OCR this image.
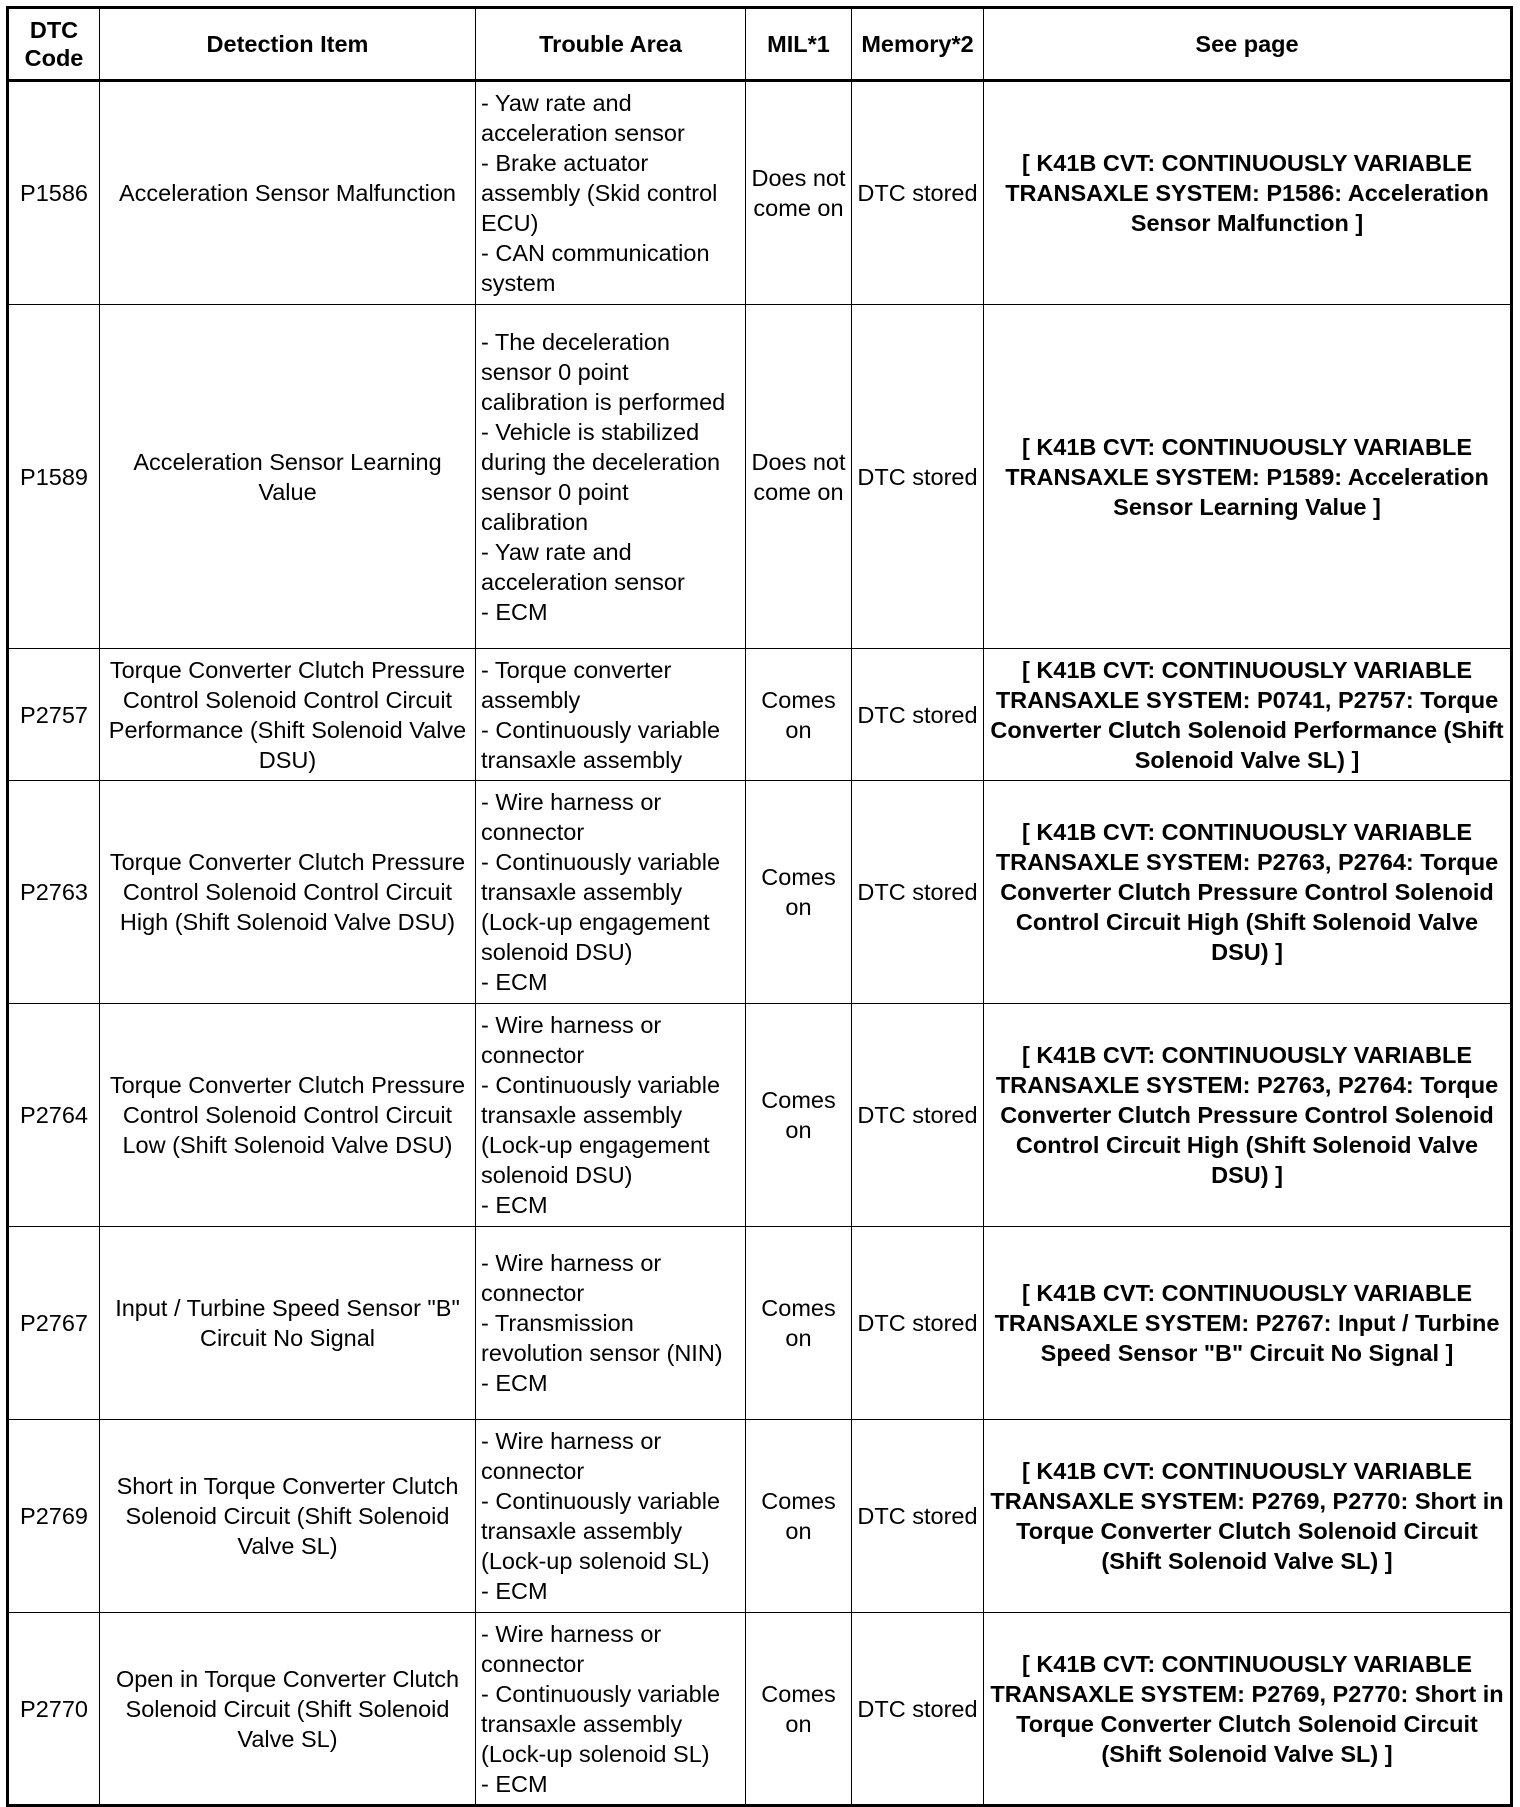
DTC Code	Detection Item	Trouble Area	MIL*1	Memory*2	See page
P1586	Acceleration Sensor Malfunction	- Yaw rate and acceleration sensor
- Brake actuator assembly (Skid control ECU)
- CAN communication system	Does not come on	DTC stored	[ K41B CVT: CONTINUOUSLY VARIABLE TRANSAXLE SYSTEM: P1586: Acceleration Sensor Malfunction ]
P1589	Acceleration Sensor Learning Value	- The deceleration sensor 0 point calibration is performed
- Vehicle is stabilized during the deceleration sensor 0 point calibration
- Yaw rate and acceleration sensor
- ECM	Does not come on	DTC stored	[ K41B CVT: CONTINUOUSLY VARIABLE TRANSAXLE SYSTEM: P1589: Acceleration Sensor Learning Value ]
P2757	Torque Converter Clutch Pressure Control Solenoid Control Circuit Performance (Shift Solenoid Valve DSU)	- Torque converter assembly
- Continuously variable transaxle assembly	Comes on	DTC stored	[ K41B CVT: CONTINUOUSLY VARIABLE TRANSAXLE SYSTEM: P0741, P2757: Torque Converter Clutch Solenoid Performance (Shift Solenoid Valve SL) ]
P2763	Torque Converter Clutch Pressure Control Solenoid Control Circuit High (Shift Solenoid Valve DSU)	- Wire harness or connector
- Continuously variable transaxle assembly (Lock-up engagement solenoid DSU)
- ECM	Comes on	DTC stored	[ K41B CVT: CONTINUOUSLY VARIABLE TRANSAXLE SYSTEM: P2763, P2764: Torque Converter Clutch Pressure Control Solenoid Control Circuit High (Shift Solenoid Valve DSU) ]
P2764	Torque Converter Clutch Pressure Control Solenoid Control Circuit Low (Shift Solenoid Valve DSU)	- Wire harness or connector
- Continuously variable transaxle assembly (Lock-up engagement solenoid DSU)
- ECM	Comes on	DTC stored	[ K41B CVT: CONTINUOUSLY VARIABLE TRANSAXLE SYSTEM: P2763, P2764: Torque Converter Clutch Pressure Control Solenoid Control Circuit High (Shift Solenoid Valve DSU) ]
P2767	Input / Turbine Speed Sensor "B" Circuit No Signal	- Wire harness or connector
- Transmission revolution sensor (NIN)
- ECM	Comes on	DTC stored	[ K41B CVT: CONTINUOUSLY VARIABLE TRANSAXLE SYSTEM: P2767: Input / Turbine Speed Sensor "B" Circuit No Signal ]
P2769	Short in Torque Converter Clutch Solenoid Circuit (Shift Solenoid Valve SL)	- Wire harness or connector
- Continuously variable transaxle assembly (Lock-up solenoid SL)
- ECM	Comes on	DTC stored	[ K41B CVT: CONTINUOUSLY VARIABLE TRANSAXLE SYSTEM: P2769, P2770: Short in Torque Converter Clutch Solenoid Circuit (Shift Solenoid Valve SL) ]
P2770	Open in Torque Converter Clutch Solenoid Circuit (Shift Solenoid Valve SL)	- Wire harness or connector
- Continuously variable transaxle assembly (Lock-up solenoid SL)
- ECM	Comes on	DTC stored	[ K41B CVT: CONTINUOUSLY VARIABLE TRANSAXLE SYSTEM: P2769, P2770: Short in Torque Converter Clutch Solenoid Circuit (Shift Solenoid Valve SL) ]
